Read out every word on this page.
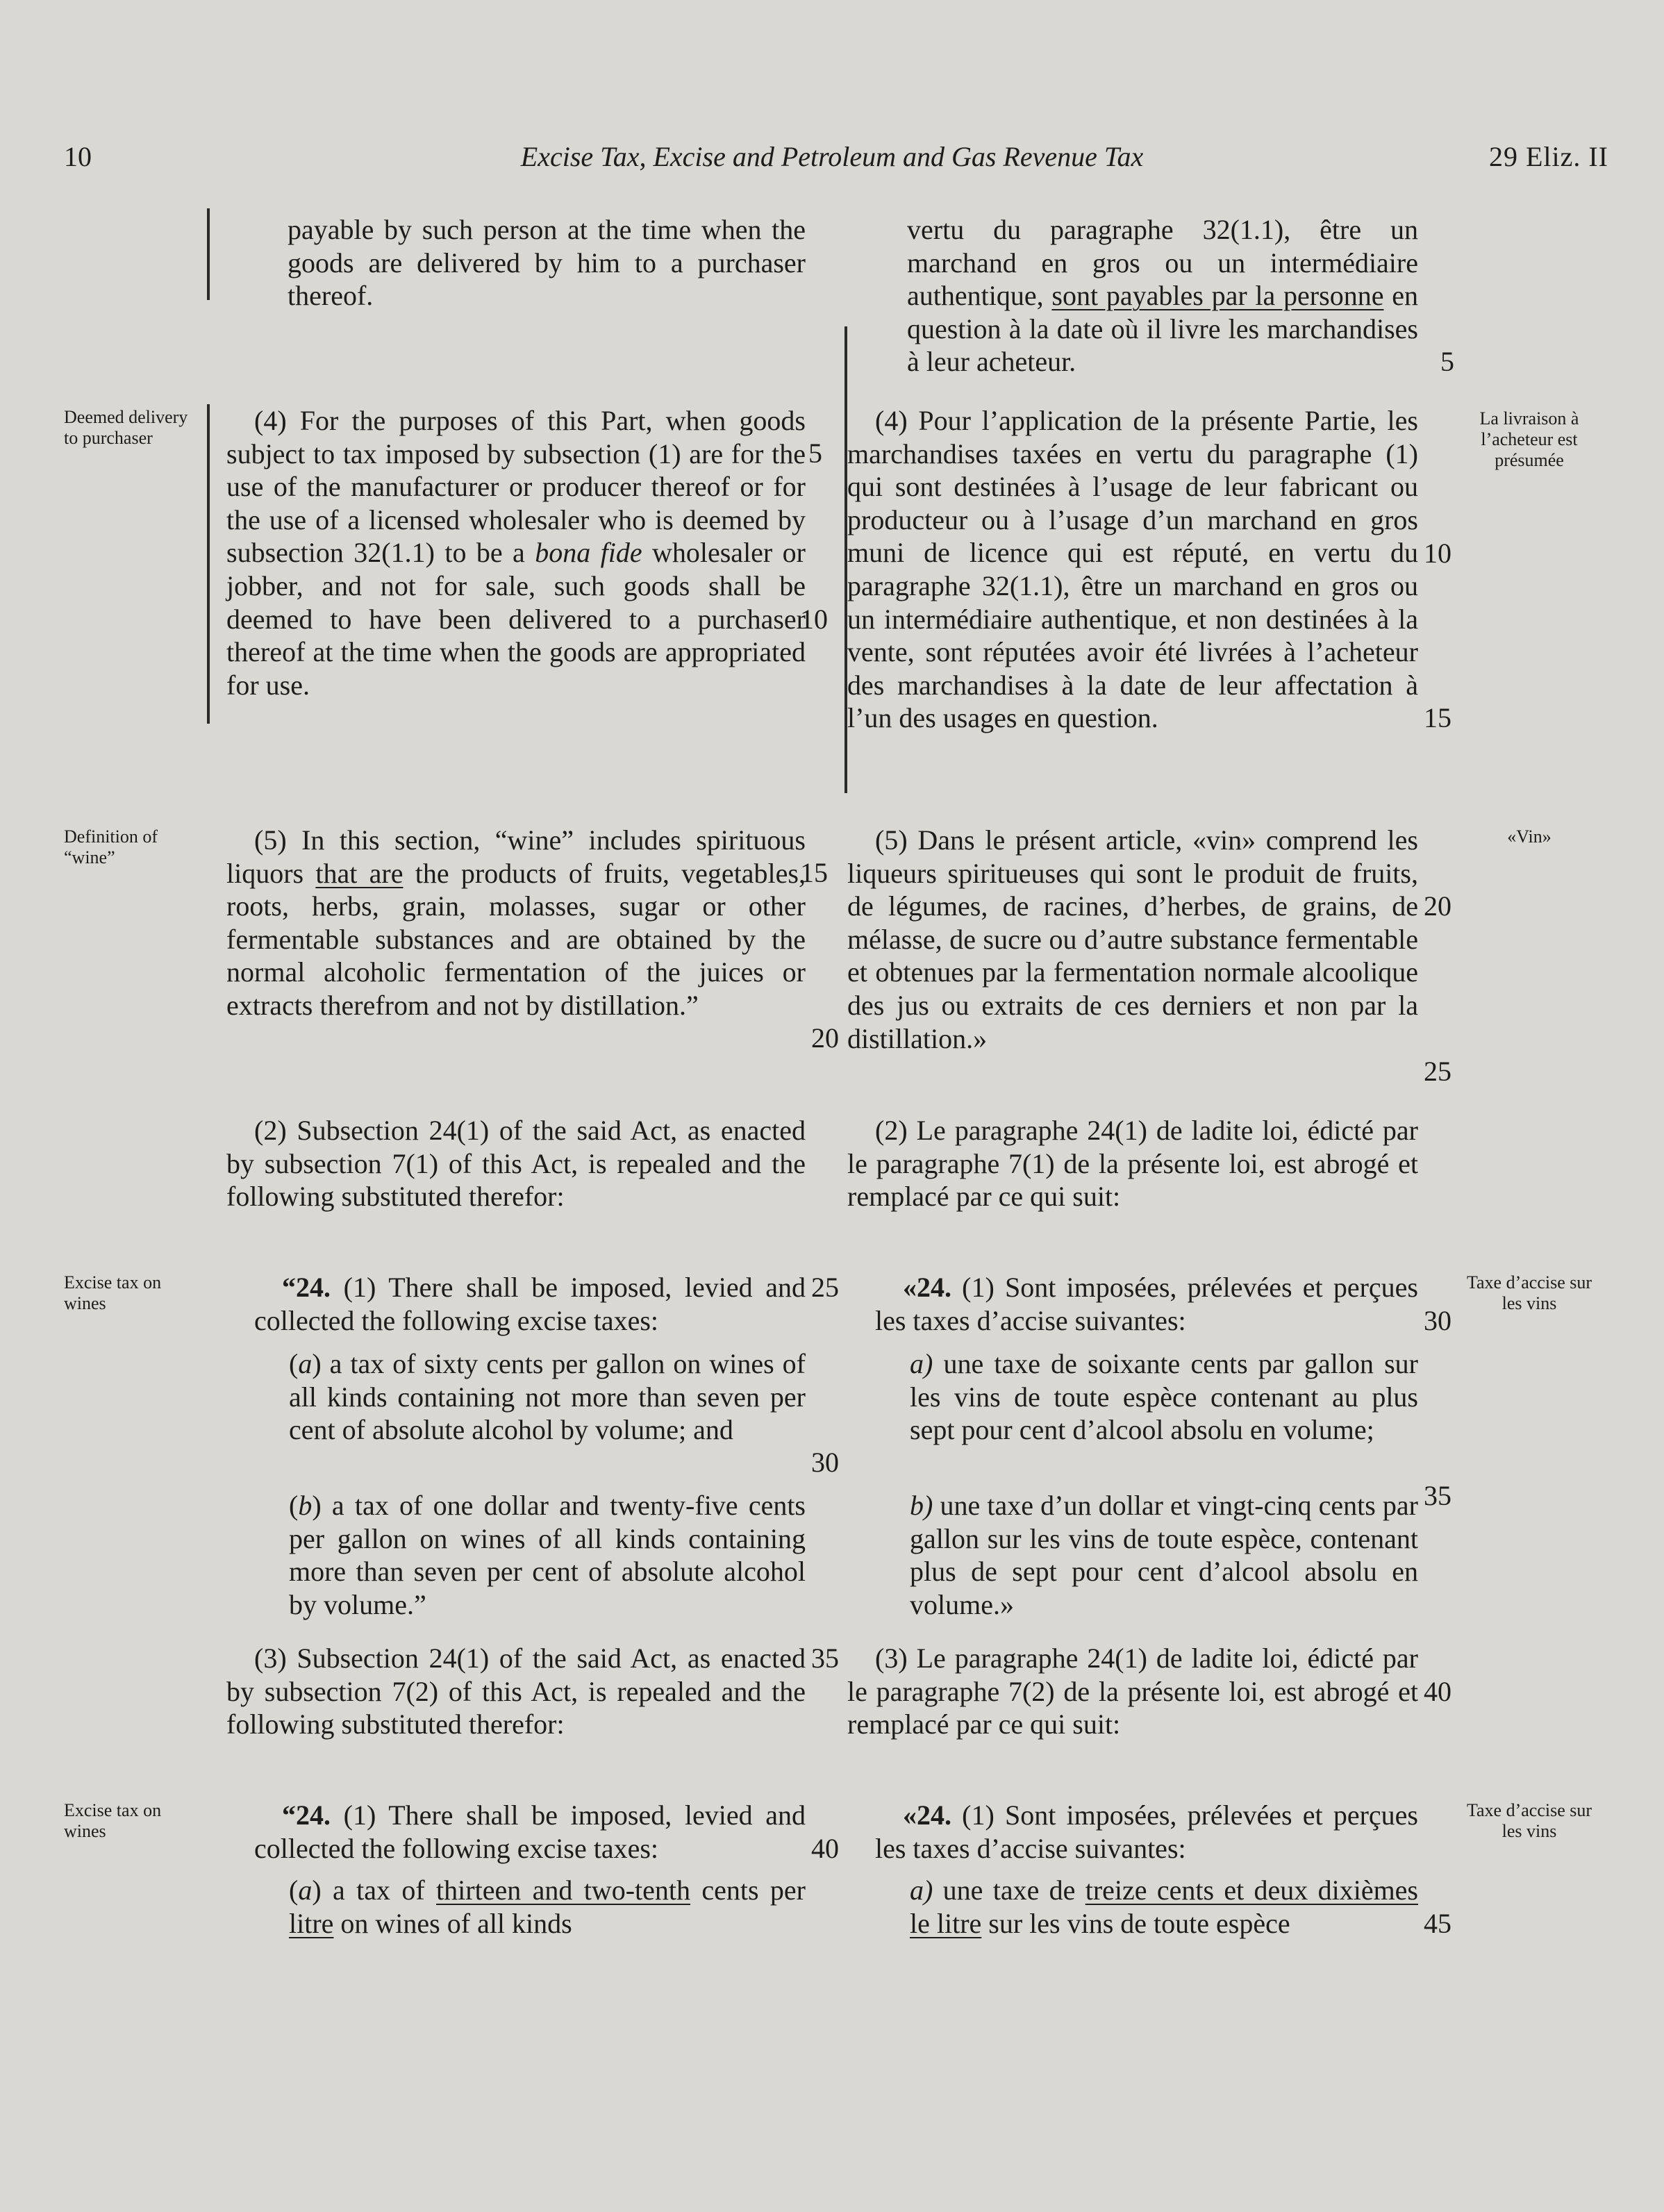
10	Excise Tax, Excise and Petroleum and Gas Revenue Tax	29 Eliz. II
Deemed delivery to purchaser
Definition of “wine”
Excise tax on wines
Excise tax on wines
La livraison à l’acheteur est présumée
«Vin»
Taxe d’accise sur les vins
Taxe d’accise sur les vins

payable by such person at the time when the goods are delivered by him to a purchaser thereof.

(4) For the purposes of this Part, when goods subject to tax imposed by subsection (1) are for the use of the manufacturer or producer thereof or for the use of a licensed wholesaler who is deemed by subsection 32(1.1) to be a bona fide wholesaler or jobber, and not for sale, such goods shall be deemed to have been delivered to a purchaser thereof at the time when the goods are appropriated for use.

(5) In this section, “wine” includes spirituous liquors that are the products of fruits, vegetables, roots, herbs, grain, molasses, sugar or other fermentable substances and are obtained by the normal alcoholic fermentation of the juices or extracts therefrom and not by distillation.”

(2) Subsection 24(1) of the said Act, as enacted by subsection 7(1) of this Act, is repealed and the following substituted therefor:

“24. (1) There shall be imposed, levied and collected the following excise taxes:

(a) a tax of sixty cents per gallon on wines of all kinds containing not more than seven per cent of absolute alcohol by volume; and

(b) a tax of one dollar and twenty-five cents per gallon on wines of all kinds containing more than seven per cent of absolute alcohol by volume.”

(3) Subsection 24(1) of the said Act, as enacted by subsection 7(2) of this Act, is repealed and the following substituted therefor:

“24. (1) There shall be imposed, levied and collected the following excise taxes:

(a) a tax of thirteen and two-tenth cents per litre on wines of all kinds

vertu du paragraphe 32(1.1), être un marchand en gros ou un intermédiaire authentique, sont payables par la personne en question à la date où il livre les marchandises à leur acheteur.

(4) Pour l’application de la présente Partie, les marchandises taxées en vertu du paragraphe (1) qui sont destinées à l’usage de leur fabricant ou producteur ou à l’usage d’un marchand en gros muni de licence qui est réputé, en vertu du paragraphe 32(1.1), être un marchand en gros ou un intermédiaire authentique, et non destinées à la vente, sont réputées avoir été livrées à l’acheteur des marchandises à la date de leur affectation à l’un des usages en question.

(5) Dans le présent article, «vin» comprend les liqueurs spiritueuses qui sont le produit de fruits, de légumes, de racines, d’herbes, de grains, de mélasse, de sucre ou d’autre substance fermentable et obtenues par la fermentation normale alcoolique des jus ou extraits de ces derniers et non par la distillation.»

(2) Le paragraphe 24(1) de ladite loi, édicté par le paragraphe 7(1) de la présente loi, est abrogé et remplacé par ce qui suit:

«24. (1) Sont imposées, prélevées et perçues les taxes d’accise suivantes:

a) une taxe de soixante cents par gallon sur les vins de toute espèce contenant au plus sept pour cent d’alcool absolu en volume;

b) une taxe d’un dollar et vingt-cinq cents par gallon sur les vins de toute espèce, contenant plus de sept pour cent d’alcool absolu en volume.»

(3) Le paragraphe 24(1) de ladite loi, édicté par le paragraphe 7(2) de la présente loi, est abrogé et remplacé par ce qui suit:

«24. (1) Sont imposées, prélevées et perçues les taxes d’accise suivantes:

a) une taxe de treize cents et deux dixièmes le litre sur les vins de toute espèce

5
10
15
20
25
30
35
40
5
10
15
20
25
30
35
40
45
